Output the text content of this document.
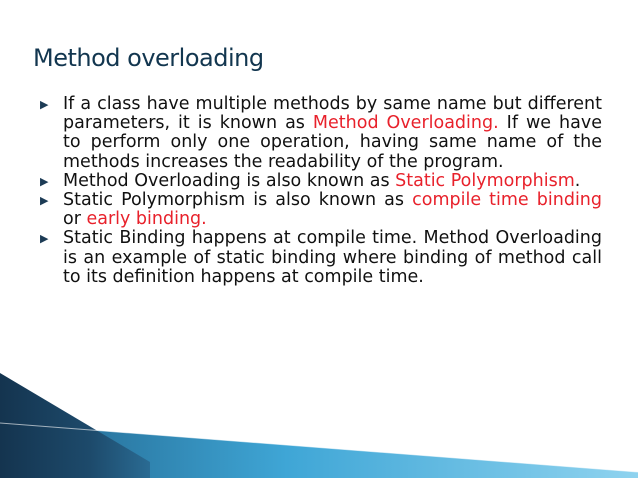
Method overloading
▶ If a class have multiple methods by same name but different parameters, it is known as Method Overloading. If we have to perform only one operation, having same name of the methods increases the readability of the program.
▶ Method Overloading is also known as Static Polymorphism.
▶ Static Polymorphism is also known as compile time binding or early binding.
▶ Static Binding happens at compile time. Method Overloading is an example of static binding where binding of method call to its definition happens at compile time.
